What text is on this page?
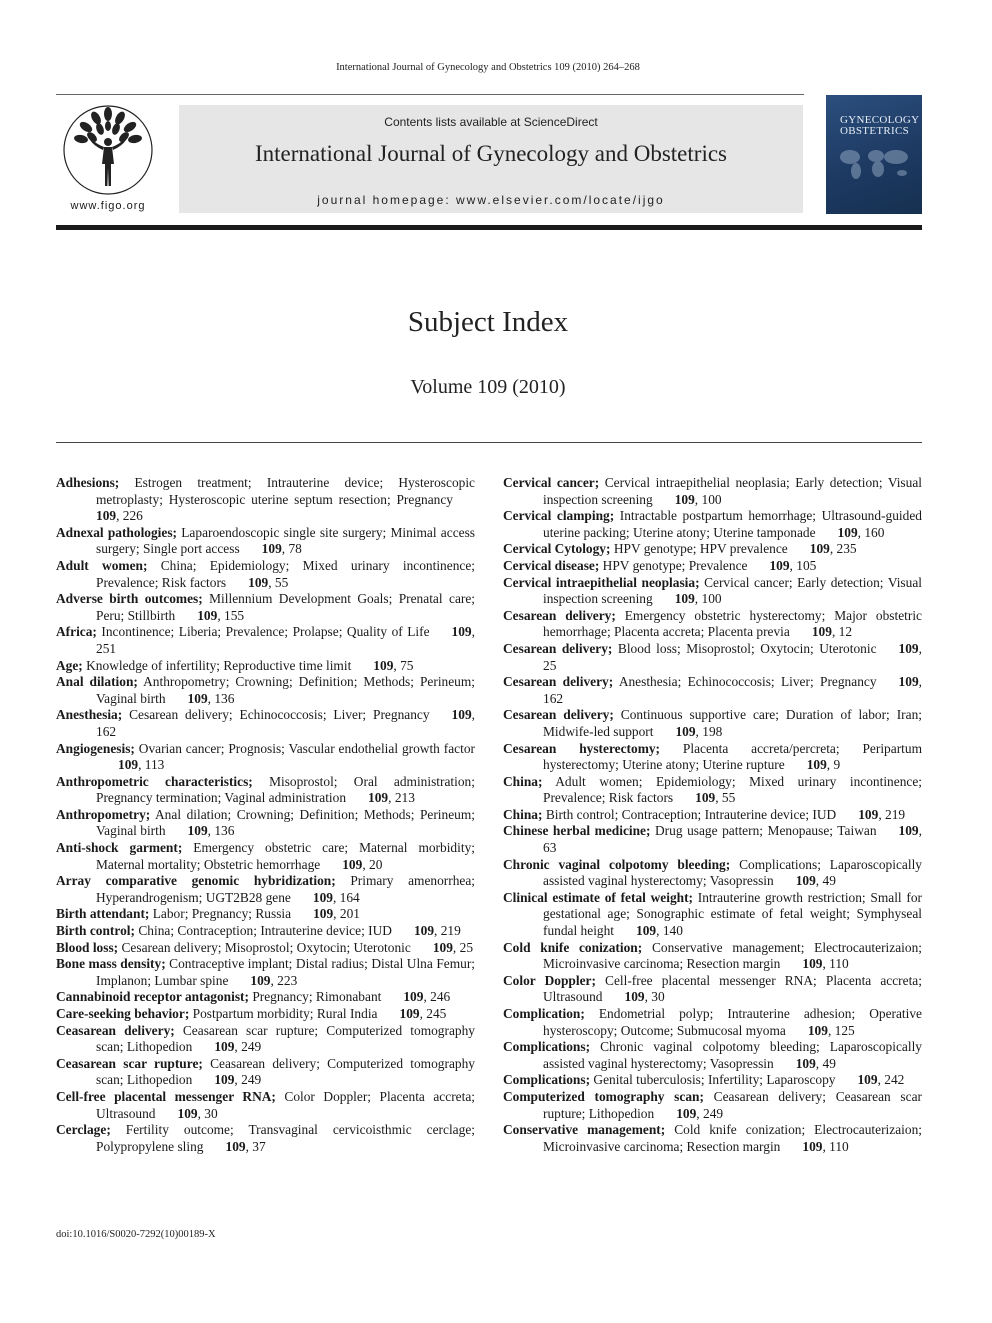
International Journal of Gynecology and Obstetrics 109 (2010) 264–268
www.figo.org
Contents lists available at ScienceDirect
International Journal of Gynecology and Obstetrics
journal homepage: www.elsevier.com/locate/ijgo
GYNECOLOGY
OBSTETRICS
Subject Index
Volume 109 (2010)
Adhesions; Estrogen treatment; Intrauterine device; Hysteroscopic metroplasty; Hysteroscopic uterine septum resection; Pregnancy109, 226
Adnexal pathologies; Laparoendoscopic single site surgery; Minimal access surgery; Single port access 109, 78
Adult women; China; Epidemiology; Mixed urinary incontinence; Prevalence; Risk factors 109, 55
Adverse birth outcomes; Millennium Development Goals; Prenatal care; Peru; Stillbirth 109, 155
Africa; Incontinence; Liberia; Prevalence; Prolapse; Quality of Life 109, 251
Age; Knowledge of infertility; Reproductive time limit 109, 75
Anal dilation; Anthropometry; Crowning; Definition; Methods; Perineum; Vaginal birth 109, 136
Anesthesia; Cesarean delivery; Echinococcosis; Liver; Pregnancy 109, 162
Angiogenesis; Ovarian cancer; Prognosis; Vascular endothelial growth factor109, 113
Anthropometric characteristics; Misoprostol; Oral administration; Pregnancy termination; Vaginal administration 109, 213
Anthropometry; Anal dilation; Crowning; Definition; Methods; Perineum; Vaginal birth 109, 136
Anti-shock garment; Emergency obstetric care; Maternal morbidity; Maternal mortality; Obstetric hemorrhage 109, 20
Array comparative genomic hybridization; Primary amenorrhea; Hyperandrogenism; UGT2B28 gene 109, 164
Birth attendant; Labor; Pregnancy; Russia 109, 201
Birth control; China; Contraception; Intrauterine device; IUD 109, 219
Blood loss; Cesarean delivery; Misoprostol; Oxytocin; Uterotonic 109, 25
Bone mass density; Contraceptive implant; Distal radius; Distal Ulna Femur; Implanon; Lumbar spine 109, 223
Cannabinoid receptor antagonist; Pregnancy; Rimonabant 109, 246
Care-seeking behavior; Postpartum morbidity; Rural India 109, 245
Ceasarean delivery; Ceasarean scar rupture; Computerized tomography scan; Lithopedion 109, 249
Ceasarean scar rupture; Ceasarean delivery; Computerized tomography scan; Lithopedion 109, 249
Cell-free placental messenger RNA; Color Doppler; Placenta accreta; Ultrasound 109, 30
Cerclage; Fertility outcome; Transvaginal cervicoisthmic cerclage; Polypropylene sling 109, 37
Cervical cancer; Cervical intraepithelial neoplasia; Early detection; Visual inspection screening 109, 100
Cervical clamping; Intractable postpartum hemorrhage; Ultrasound-guided uterine packing; Uterine atony; Uterine tamponade 109, 160
Cervical Cytology; HPV genotype; HPV prevalence 109, 235
Cervical disease; HPV genotype; Prevalence 109, 105
Cervical intraepithelial neoplasia; Cervical cancer; Early detection; Visual inspection screening 109, 100
Cesarean delivery; Emergency obstetric hysterectomy; Major obstetric hemorrhage; Placenta accreta; Placenta previa 109, 12
Cesarean delivery; Blood loss; Misoprostol; Oxytocin; Uterotonic 109, 25
Cesarean delivery; Anesthesia; Echinococcosis; Liver; Pregnancy 109, 162
Cesarean delivery; Continuous supportive care; Duration of labor; Iran; Midwife-led support 109, 198
Cesarean hysterectomy; Placenta accreta/percreta; Peripartum hysterectomy; Uterine atony; Uterine rupture 109, 9
China; Adult women; Epidemiology; Mixed urinary incontinence; Prevalence; Risk factors 109, 55
China; Birth control; Contraception; Intrauterine device; IUD 109, 219
Chinese herbal medicine; Drug usage pattern; Menopause; Taiwan 109, 63
Chronic vaginal colpotomy bleeding; Complications; Laparoscopically assisted vaginal hysterectomy; Vasopressin 109, 49
Clinical estimate of fetal weight; Intrauterine growth restriction; Small for gestational age; Sonographic estimate of fetal weight; Symphyseal fundal height 109, 140
Cold knife conization; Conservative management; Electrocauterizaion; Microinvasive carcinoma; Resection margin 109, 110
Color Doppler; Cell-free placental messenger RNA; Placenta accreta; Ultrasound 109, 30
Complication; Endometrial polyp; Intrauterine adhesion; Operative hysteroscopy; Outcome; Submucosal myoma 109, 125
Complications; Chronic vaginal colpotomy bleeding; Laparoscopically assisted vaginal hysterectomy; Vasopressin 109, 49
Complications; Genital tuberculosis; Infertility; Laparoscopy 109, 242
Computerized tomography scan; Ceasarean delivery; Ceasarean scar rupture; Lithopedion 109, 249
Conservative management; Cold knife conization; Electrocauterizaion; Microinvasive carcinoma; Resection margin 109, 110
doi:10.1016/S0020-7292(10)00189-X
